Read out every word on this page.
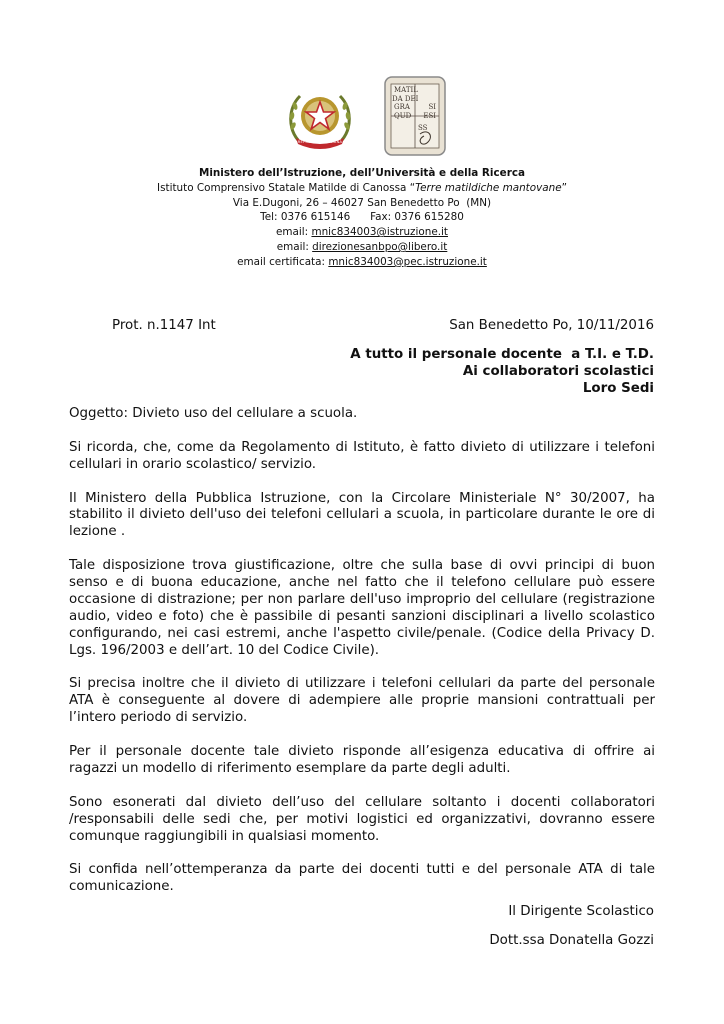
REPUBBLICA ITALIANA
MATIL
DA DEI
GRA	SI
QUD ESI
SS
Ministero dell’Istruzione, dell’Università e della Ricerca
Istituto Comprensivo Statale Matilde di Canossa “Terre matildiche mantovane”
Via E.Dugoni, 26 – 46027 San Benedetto Po  (MN)
Tel: 0376 615146      Fax: 0376 615280
email: mnic834003@istruzione.it
email: direzionesanbpo@libero.it
email certificata: mnic834003@pec.istruzione.it
Prot. n.1147 Int	San Benedetto Po, 10/11/2016
A tutto il personale docente  a T.I. e T.D.
Ai collaboratori scolastici
Loro Sedi

Oggetto: Divieto uso del cellulare a scuola.

Si ricorda, che, come da Regolamento di Istituto, è fatto divieto di utilizzare i telefoni cellulari in orario scolastico/ servizio.

Il Ministero della Pubblica Istruzione, con la Circolare Ministeriale N° 30/2007, ha stabilito il divieto dell'uso dei telefoni cellulari a scuola, in particolare durante le ore di lezione .

Tale disposizione trova giustificazione, oltre che sulla base di ovvi principi di buon senso e di buona educazione, anche nel fatto che il telefono cellulare può essere occasione di distrazione; per non parlare dell'uso improprio del cellulare (registrazione audio, video e foto) che è passibile di pesanti sanzioni disciplinari a livello scolastico configurando, nei casi estremi, anche l'aspetto civile/penale. (Codice della Privacy D. Lgs. 196/2003 e dell’art. 10 del Codice Civile).

Si precisa inoltre che il divieto di utilizzare i telefoni cellulari da parte del personale ATA è conseguente al dovere di adempiere alle proprie mansioni contrattuali per l’intero periodo di servizio.

Per il personale docente tale divieto risponde all’esigenza educativa di offrire ai ragazzi un modello di riferimento esemplare da parte degli adulti.

Sono esonerati dal divieto dell’uso del cellulare soltanto i docenti collaboratori /responsabili delle sedi che, per motivi logistici ed organizzativi, dovranno essere comunque raggiungibili in qualsiasi momento.

Si confida nell’ottemperanza da parte dei docenti tutti e del personale ATA di tale comunicazione.

Il Dirigente Scolastico
Dott.ssa Donatella Gozzi
